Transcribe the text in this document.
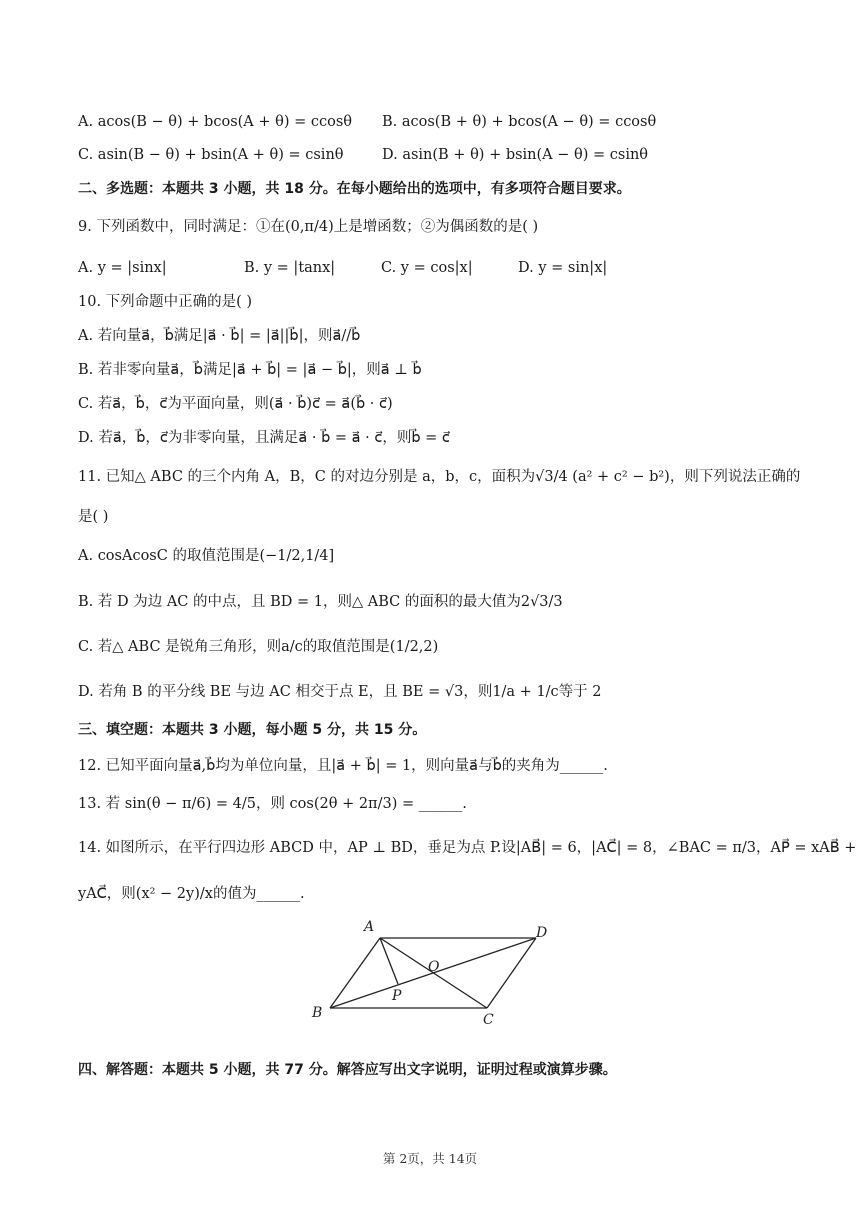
A. acos(B − θ) + bcos(A + θ) = ccosθ B. acos(B + θ) + bcos(A − θ) = ccosθ
C. asin(B − θ) + bsin(A + θ) = csinθ	D. asin(B + θ) + bsin(A − θ) = csinθ
二、多选题：本题共 3 小题，共 18 分。在每小题给出的选项中，有多项符合题目要求。
9. 下列函数中，同时满足：①在(0,π/4)上是增函数；②为偶函数的是( )
A. y = |sinx|	B. y = |tanx|	C. y = cos|x|	D. y = sin|x|
10. 下列命题中正确的是( )
A. 若向量a⃗，b⃗满足|a⃗ · b⃗| = |a⃗||b⃗|，则a⃗//b⃗
B. 若非零向量a⃗，b⃗满足|a⃗ + b⃗| = |a⃗ − b⃗|，则a⃗ ⊥ b⃗
C. 若a⃗，b⃗，c⃗为平面向量，则(a⃗ · b⃗)c⃗ = a⃗(b⃗ · c⃗)
D. 若a⃗，b⃗，c⃗为非零向量，且满足a⃗ · b⃗ = a⃗ · c⃗，则b⃗ = c⃗
11. 已知△ ABC 的三个内角 A，B，C 的对边分别是 a，b，c，面积为√3/4 (a² + c² − b²)，则下列说法正确的
是( )
A. cosAcosC 的取值范围是(−1/2,1/4]
B. 若 D 为边 AC 的中点，且 BD = 1，则△ ABC 的面积的最大值为2√3/3
C. 若△ ABC 是锐角三角形，则a/c的取值范围是(1/2,2)
D. 若角 B 的平分线 BE 与边 AC 相交于点 E，且 BE = √3，则1/a + 1/c等于 2
三、填空题：本题共 3 小题，每小题 5 分，共 15 分。
12. 已知平面向量a⃗,b⃗均为单位向量，且|a⃗ + b⃗| = 1，则向量a⃗与b⃗的夹角为______.
13. 若 sin(θ − π/6) = 4/5，则 cos(2θ + 2π/3) = ______.
14. 如图所示，在平行四边形 ABCD 中，AP ⊥ BD，垂足为点 P.设|AB⃗| = 6，|AC⃗| = 8，∠BAC = π/3，AP⃗ = xAB⃗ +
yAC⃗，则(x² − 2y)/x的值为______.
A	D
O
P
B	C
四、解答题：本题共 5 小题，共 77 分。解答应写出文字说明，证明过程或演算步骤。
第 2页，共 14页
